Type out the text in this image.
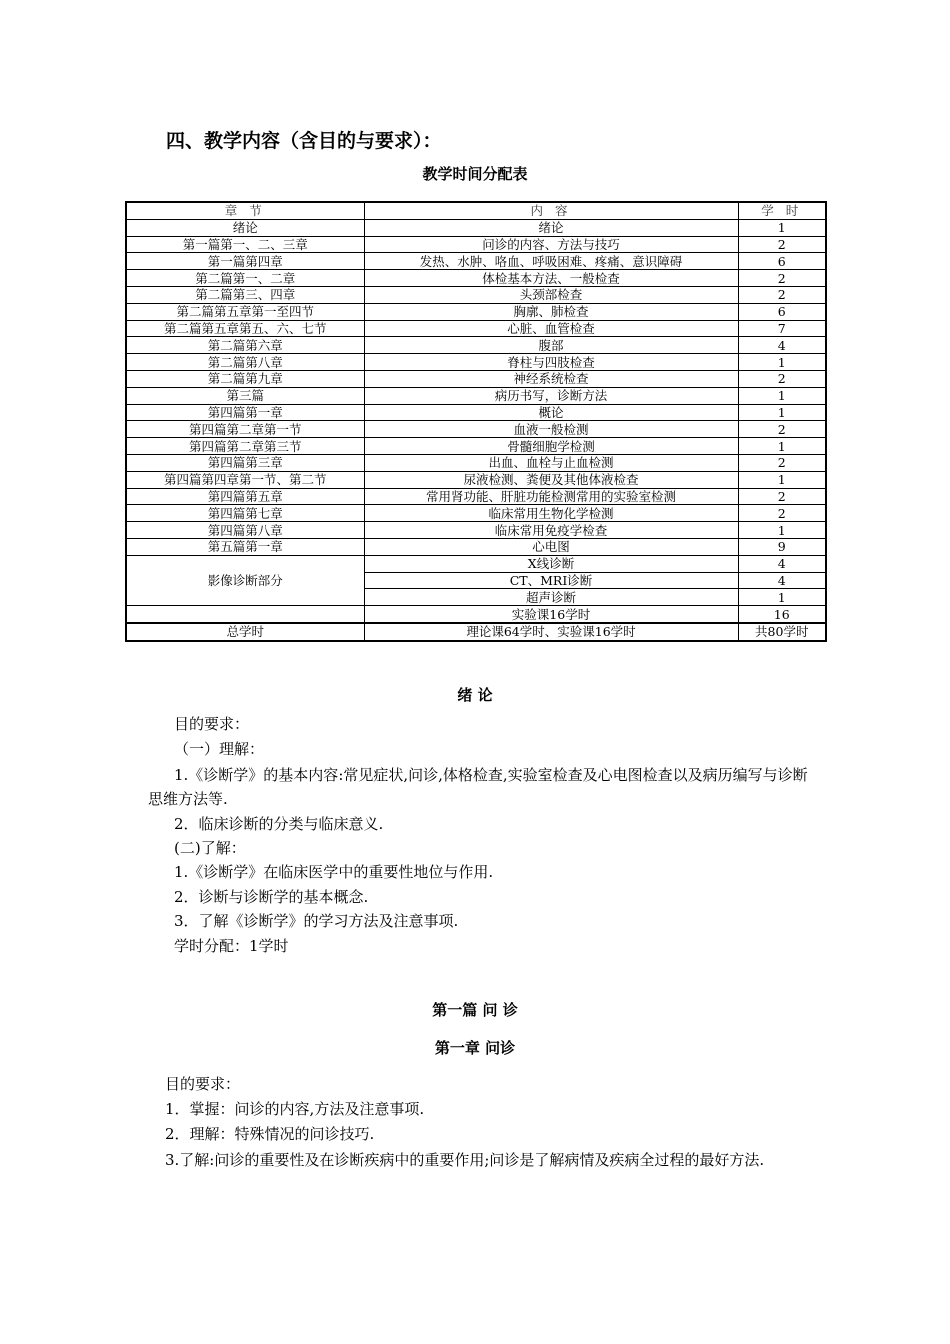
四、教学内容（含目的与要求）：
教学时间分配表
章 节	内 容	学 时
绪论	绪论	1
第一篇第一、二、三章	问诊的内容、方法与技巧	2
第一篇第四章	发热、水肿、咯血、呼吸困难、疼痛、意识障碍	6
第二篇第一、二章	体检基本方法、一般检查	2
第二篇第三、四章	头颈部检查	2
第二篇第五章第一至四节	胸廓、肺检查	6
第二篇第五章第五、六、七节	心脏、血管检查	7
第二篇第六章	腹部	4
第二篇第八章	脊柱与四肢检查	1
第二篇第九章	神经系统检查	2
第三篇	病历书写，诊断方法	1
第四篇第一章	概论	1
第四篇第二章第一节	血液一般检测	2
第四篇第二章第三节	骨髓细胞学检测	1
第四篇第三章	出血、血栓与止血检测	2
第四篇第四章第一节、第二节	尿液检测、粪便及其他体液检查	1
第四篇第五章	常用肾功能、肝脏功能检测常用的实验室检测	2
第四篇第七章	临床常用生物化学检测	2
第四篇第八章	临床常用免疫学检查	1
第五篇第一章	心电图	9
影像诊断部分	X线诊断	4
	CT、MRI诊断	4
	超声诊断	1
	实验课16学时	16
总学时	理论课64学时、实验课16学时	共80学时
绪 论
目的要求：
（一）理解：
1.《诊断学》的基本内容:常见症状,问诊,体格检查,实验室检查及心电图检查以及病历编写与诊断思维方法等.
2．临床诊断的分类与临床意义.
(二)了解：
1.《诊断学》在临床医学中的重要性地位与作用.
2．诊断与诊断学的基本概念.
3．了解《诊断学》的学习方法及注意事项.
学时分配：1学时
第一篇 问 诊
第一章 问诊
目的要求：
1．掌握：问诊的内容,方法及注意事项.
2．理解：特殊情况的问诊技巧.
3.了解:问诊的重要性及在诊断疾病中的重要作用;问诊是了解病情及疾病全过程的最好方法.
